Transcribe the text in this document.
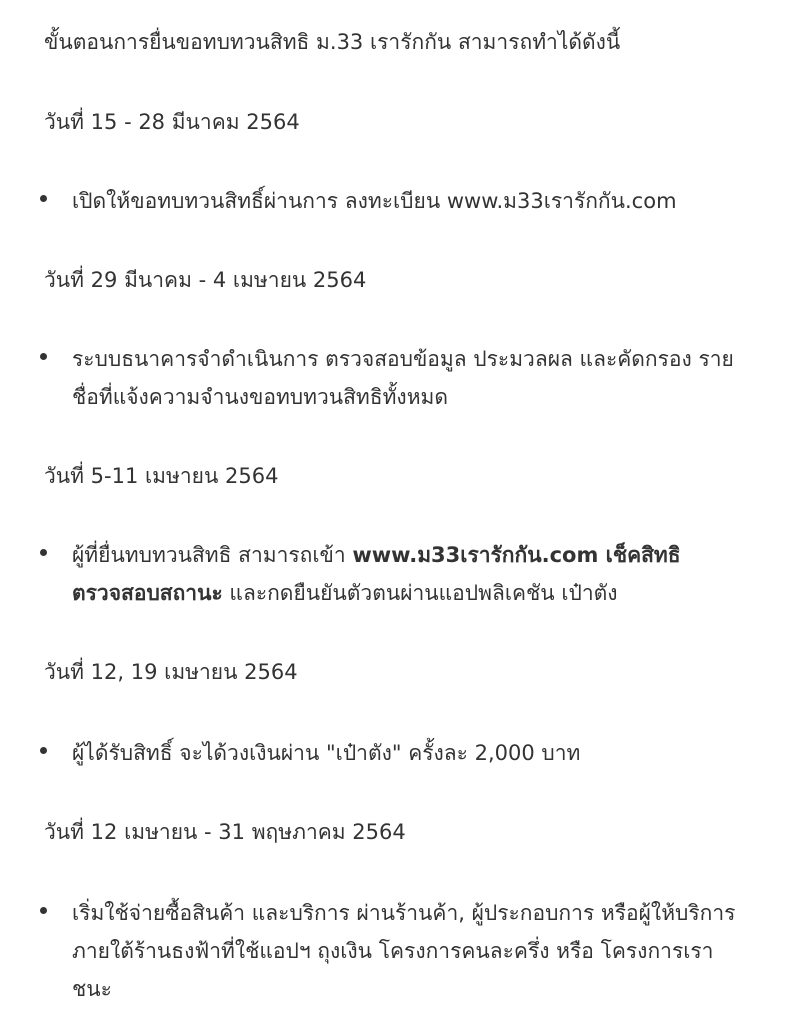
ขั้นตอนการยื่นขอทบทวนสิทธิ ม.33 เรารักกัน สามารถทำได้ดังนี้
วันที่ 15 - 28 มีนาคม 2564
เปิดให้ขอทบทวนสิทธิ์ผ่านการ ลงทะเบียน www.ม33เรารักกัน.com
วันที่ 29 มีนาคม - 4 เมษายน 2564
ระบบธนาคารจำดำเนินการ ตรวจสอบข้อมูล ประมวลผล และคัดกรอง ราย
ชื่อที่แจ้งความจำนงขอทบทวนสิทธิทั้งหมด
วันที่ 5-11 เมษายน 2564
ผู้ที่ยื่นทบทวนสิทธิ สามารถเข้า www.ม33เรารักกัน.com เช็คสิทธิ
ตรวจสอบสถานะ และกดยืนยันตัวตนผ่านแอปพลิเคชัน เป๋าตัง
วันที่ 12, 19 เมษายน 2564
ผู้ได้รับสิทธิ์ จะได้วงเงินผ่าน "เป๋าตัง" ครั้งละ 2,000 บาท
วันที่ 12 เมษายน - 31 พฤษภาคม 2564
เริ่มใช้จ่ายซื้อสินค้า และบริการ ผ่านร้านค้า, ผู้ประกอบการ หรือผู้ให้บริการ
ภายใต้ร้านธงฟ้าที่ใช้แอปฯ ถุงเงิน โครงการคนละครึ่ง หรือ โครงการเรา
ชนะ
